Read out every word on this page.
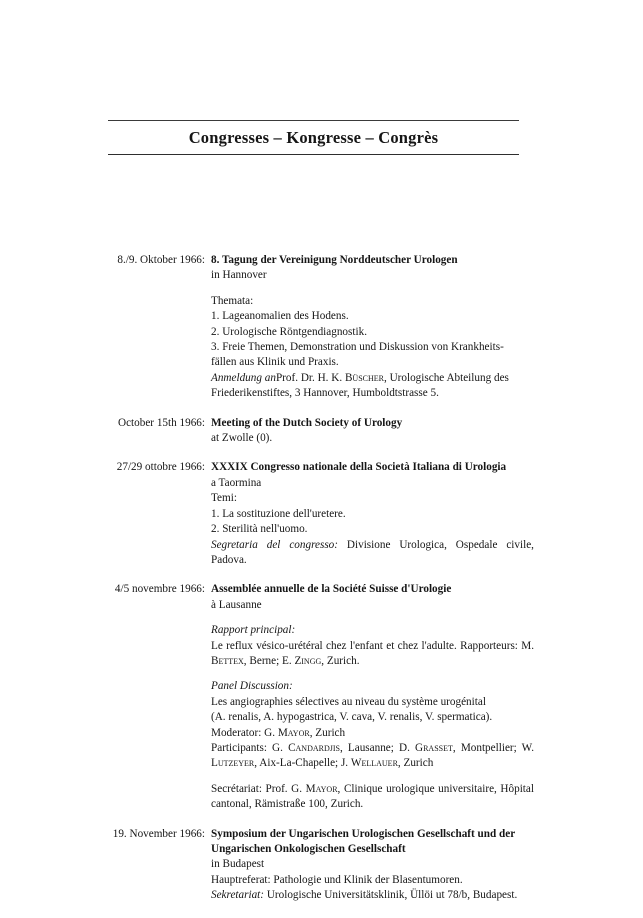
Congresses – Kongresse – Congrès
8./9. Oktober 1966: 8. Tagung der Vereinigung Norddeutscher Urologen
in Hannover
Themata:
1. Lageanomalien des Hodens.
2. Urologische Röntgendiagnostik.
3. Freie Themen, Demonstration und Diskussion von Krankheits-
fällen aus Klinik und Praxis.
Anmeldung anProf. Dr. H. K. Büscher, Urologische Abteilung des Friederikenstiftes, 3 Hannover, Humboldtstrasse 5.
October 15th 1966: Meeting of the Dutch Society of Urology
at Zwolle (0).
27/29 ottobre 1966: XXXIX Congresso nationale della Società Italiana di Urologia
a Taormina
Temi:
1. La sostituzione dell'uretere.
2. Sterilità nell'uomo.
Segretaria del congresso: Divisione Urologica, Ospedale civile, Padova.
4/5 novembre 1966: Assemblée annuelle de la Société Suisse d'Urologie
à Lausanne
Rapport principal:
Le reflux vésico-urétéral chez l'enfant et chez l'adulte. Rapporteurs: M. Bettex, Berne; E. Zingg, Zurich.
Panel Discussion:
Les angiographies sélectives au niveau du système urogénital
(A. renalis, A. hypogastrica, V. cava, V. renalis, V. spermatica).
Moderator: G. Mayor, Zurich
Participants: G. Candardjis, Lausanne; D. Grasset, Montpellier; W. Lutzeyer, Aix-La-Chapelle; J. Wellauer, Zurich
Secrétariat: Prof. G. Mayor, Clinique urologique universitaire, Hôpital cantonal, Rämistraße 100, Zurich.
19. November 1966: Symposium der Ungarischen Urologischen Gesellschaft und der
Ungarischen Onkologischen Gesellschaft
in Budapest
Hauptreferat: Pathologie und Klinik der Blasentumoren.
Sekretariat: Urologische Universitätsklinik, Üllöi ut 78/b, Budapest.
